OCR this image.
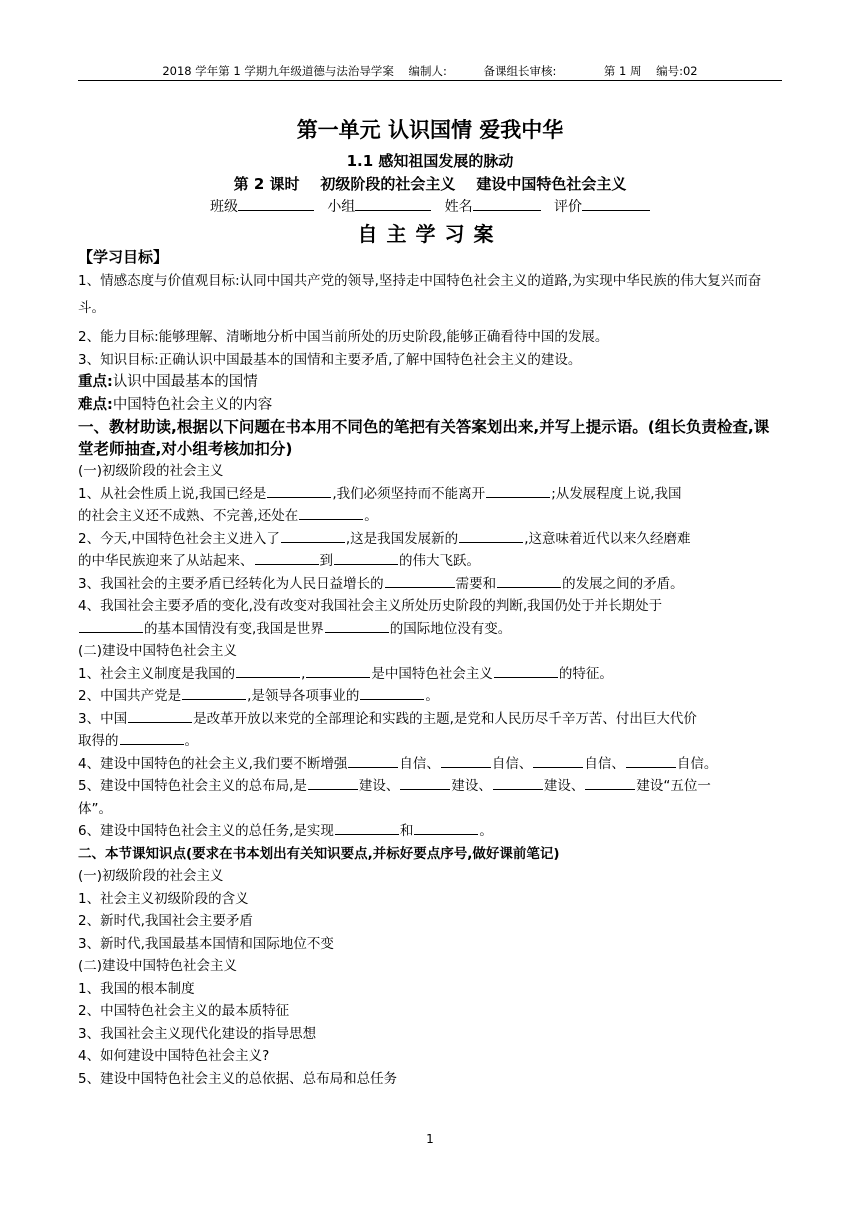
2018 学年第 1 学期九年级道德与法治导学案    编制人:          备课组长审核:             第 1 周    编号:02
第一单元 认识国情 爱我中华
1.1 感知祖国发展的脉动
第 2 课时    初级阶段的社会主义    建设中国特色社会主义
班级	小组	姓名	评价
自主学习案
【学习目标】
1、情感态度与价值观目标:认同中国共产党的领导,坚持走中国特色社会主义的道路,为实现中华民族的伟大复兴而奋斗。
2、能力目标:能够理解、清晰地分析中国当前所处的历史阶段,能够正确看待中国的发展。
3、知识目标:正确认识中国最基本的国情和主要矛盾,了解中国特色社会主义的建设。
重点:认识中国最基本的国情
难点:中国特色社会主义的内容
一、教材助读,根据以下问题在书本用不同色的笔把有关答案划出来,并写上提示语。(组长负责检查,课堂老师抽查,对小组考核加扣分)
(一)初级阶段的社会主义
1、从社会性质上说,我国已经是	,我们必须坚持而不能离开	;从发展程度上说,我国
的社会主义还不成熟、不完善,还处在	。
2、今天,中国特色社会主义进入了	,这是我国发展新的	,这意味着近代以来久经磨难
的中华民族迎来了从站起来、	到	的伟大飞跃。
3、我国社会的主要矛盾已经转化为人民日益增长的	需要和	的发展之间的矛盾。
4、我国社会主要矛盾的变化,没有改变对我国社会主义所处历史阶段的判断,我国仍处于并长期处于
的基本国情没有变,我国是世界	的国际地位没有变。
(二)建设中国特色社会主义
1、社会主义制度是我国的	,	是中国特色社会主义	的特征。
2、中国共产党是	,是领导各项事业的	。
3、中国	是改革开放以来党的全部理论和实践的主题,是党和人民历尽千辛万苦、付出巨大代价
取得的	。
4、建设中国特色的社会主义,我们要不断增强	自信、	自信、	自信、	自信。
5、建设中国特色社会主义的总布局,是	建设、	建设、	建设、	建设“五位一
体”。
6、建设中国特色社会主义的总任务,是实现	和	。
二、本节课知识点(要求在书本划出有关知识要点,并标好要点序号,做好课前笔记)
(一)初级阶段的社会主义
1、社会主义初级阶段的含义
2、新时代,我国社会主要矛盾
3、新时代,我国最基本国情和国际地位不变
(二)建设中国特色社会主义
1、我国的根本制度
2、中国特色社会主义的最本质特征
3、我国社会主义现代化建设的指导思想
4、如何建设中国特色社会主义?
5、建设中国特色社会主义的总依据、总布局和总任务
1
